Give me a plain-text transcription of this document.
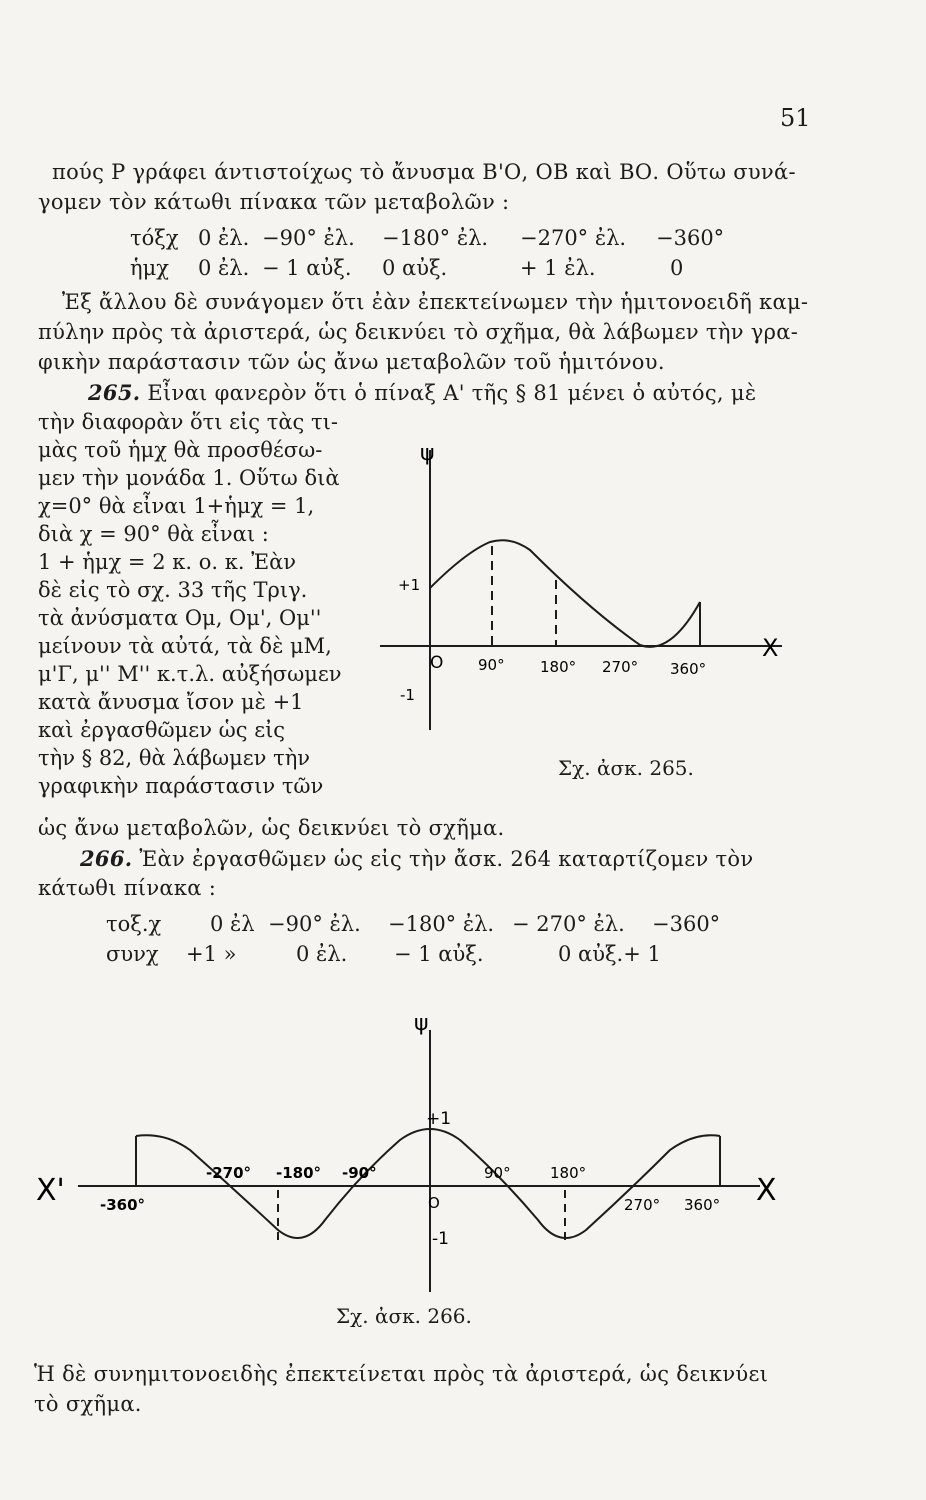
51
πούς Ρ γράφει άντιστοίχως τὸ ἄνυσμα Β'Ο, ΟΒ καὶ ΒΟ. Οὕτω συνά-
γομεν τὸν κάτωθι πίνακα τῶν μεταβολῶν :
τόξχ 0 ἐλ. −90° ἐλ. −180° ἐλ. −270° ἐλ. −360°
ἡμχ 0 ἐλ. − 1 αὐξ. 0 αὐξ.	+ 1 ἐλ.	0
Ἐξ ἄλλου δὲ συνάγομεν ὅτι ἐὰν ἐπεκτείνωμεν τὴν ἡμιτονοειδῆ καμ-
πύλην πρὸς τὰ ἀριστερά, ὡς δεικνύει τὸ σχῆμα, θὰ λάβωμεν τὴν γρα-
φικὴν παράστασιν τῶν ὡς ἄνω μεταβολῶν τοῦ ἡμιτόνου.
265. Εἶναι φανερὸν ὅτι ὁ πίναξ Α' τῆς § 81 μένει ὁ αὐτός, μὲ
τὴν διαφορὰν ὅτι εἰς τὰς τι-
μὰς τοῦ ἡμχ θὰ προσθέσω-
μεν τὴν μονάδα 1. Οὕτω διὰ
χ=0° θὰ εἶναι 1+ἡμχ = 1,
διὰ χ = 90° θὰ εἶναι :
1 + ἡμχ = 2 κ. ο. κ. Ἐὰν
δὲ εἰς τὸ σχ. 33 τῆς Τριγ.
τὰ ἀνύσματα Ομ, Ομ', Ομ''
μείνουν τὰ αὐτά, τὰ δὲ μΜ,
μ'Γ, μ'' Μ'' κ.τ.λ. αὐξήσωμεν
κατὰ ἄνυσμα ἴσον μὲ +1
καὶ ἐργασθῶμεν ὡς εἰς
τὴν § 82, θὰ λάβωμεν τὴν
γραφικὴν παράστασιν τῶν
ὡς ἄνω μεταβολῶν, ὡς δεικνύει τὸ σχῆμα.
ψ
X
+1
-1
O 90° 180° 270° 360°
Σχ. ἀσκ. 265.
266. Ἐὰν ἐργασθῶμεν ὡς εἰς τὴν ἄσκ. 264 καταρτίζομεν τὸν
κάτωθι πίνακα :
τοξ.χ 0 ἐλ −90° ἐλ. −180° ἐλ. − 270° ἐλ. −360°
συνχ +1 »	0 ἐλ. − 1 αὐξ.	0 αὐξ.+ 1
ψ
X
X'
+1
-1
O
-360°
-270° -180° -90°	90°	180°
270° 360°
Σχ. ἀσκ. 266.
Ἡ δὲ συνημιτονοειδὴς ἐπεκτείνεται πρὸς τὰ ἀριστερά, ὡς δεικνύει
τὸ σχῆμα.
